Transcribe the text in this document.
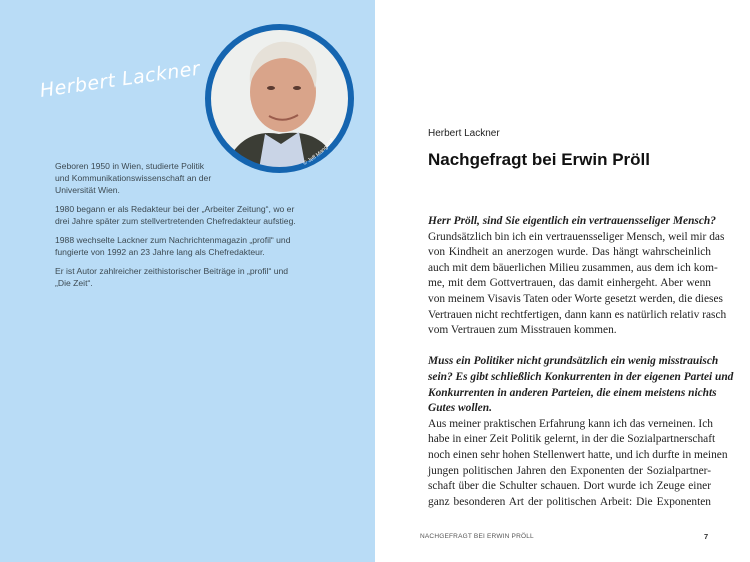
Herbert Lackner
© Jeff Mangione

Geboren 1950 in Wien, studierte Politik
und Kommunikationswissenschaft an der
Universität Wien.

1980 begann er als Redakteur bei der „Arbeiter Zeitung“, wo er
drei Jahre später zum stellvertretenden Chefredakteur aufstieg.

1988 wechselte Lackner zum Nachrichtenmagazin „profil“ und
fungierte von 1992 an 23 Jahre lang als Chefredakteur.

Er ist Autor zahlreicher zeithistorischer Beiträge in „profil“ und
„Die Zeit“.

Herbert Lackner
Nachgefragt bei Erwin Pröll
Herr Pröll, sind Sie eigentlich ein vertrauensseliger Mensch?
Grundsätzlich bin ich ein vertrauensseliger Mensch, weil mir das
von Kindheit an anerzogen wurde. Das hängt wahrscheinlich
auch mit dem bäuerlichen Milieu zusammen, aus dem ich kom-
me, mit dem Gottvertrauen, das damit einhergeht. Aber wenn
von meinem Visavis Taten oder Worte gesetzt werden, die dieses
Vertrauen nicht rechtfertigen, dann kann es natürlich relativ rasch
vom Vertrauen zum Misstrauen kommen.
Muss ein Politiker nicht grundsätzlich ein wenig misstrauisch
sein? Es gibt schließlich Konkurrenten in der eigenen Partei und
Konkurrenten in anderen Parteien, die einem meistens nichts
Gutes wollen.
Aus meiner praktischen Erfahrung kann ich das verneinen. Ich
habe in einer Zeit Politik gelernt, in der die Sozialpartnerschaft
noch einen sehr hohen Stellenwert hatte, und ich durfte in meinen
jungen politischen Jahren den Exponenten der Sozialpartner-
schaft über die Schulter schauen. Dort wurde ich Zeuge einer
ganz besonderen Art der politischen Arbeit: Die Exponenten
NACHGEFRAGT BEI ERWIN PRÖLL	7
